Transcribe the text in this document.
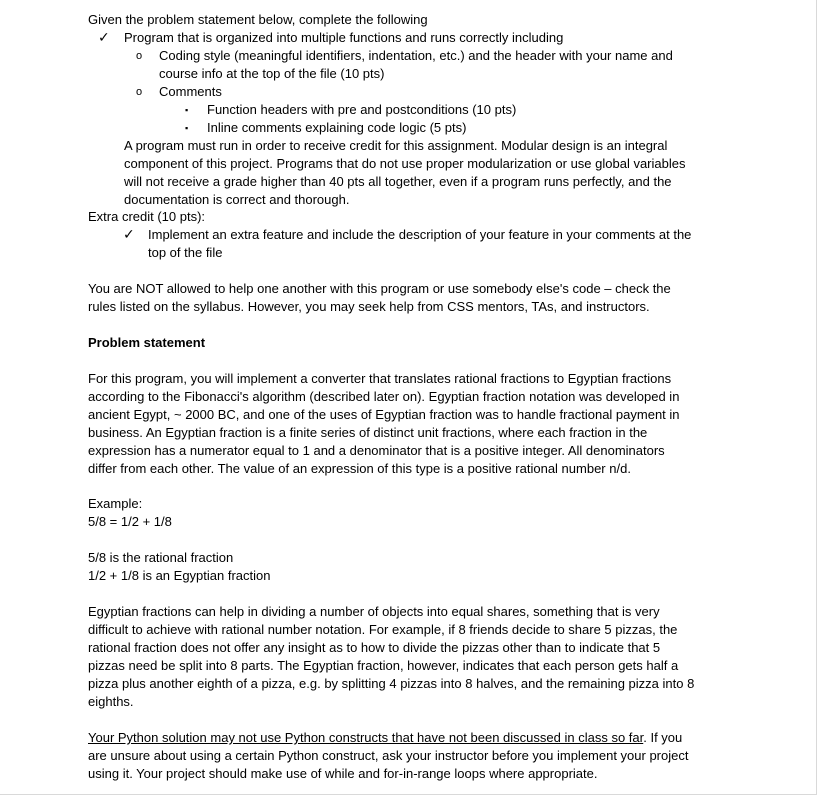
Given the problem statement below, complete the following
✓ Program that is organized into multiple functions and runs correctly including
o Coding style (meaningful identifiers, indentation, etc.) and the header with your name and
course info at the top of the file (10 pts)
o Comments
▪ Function headers with pre and postconditions (10 pts)
▪ Inline comments explaining code logic (5 pts)
A program must run in order to receive credit for this assignment. Modular design is an integral
component of this project. Programs that do not use proper modularization or use global variables
will not receive a grade higher than 40 pts all together, even if a program runs perfectly, and the
documentation is correct and thorough.
Extra credit (10 pts):
✓ Implement an extra feature and include the description of your feature in your comments at the
top of the file
You are NOT allowed to help one another with this program or use somebody else's code – check the
rules listed on the syllabus. However, you may seek help from CSS mentors, TAs, and instructors.
Problem statement
For this program, you will implement a converter that translates rational fractions to Egyptian fractions
according to the Fibonacci's algorithm (described later on). Egyptian fraction notation was developed in
ancient Egypt, ~ 2000 BC, and one of the uses of Egyptian fraction was to handle fractional payment in
business. An Egyptian fraction is a finite series of distinct unit fractions, where each fraction in the
expression has a numerator equal to 1 and a denominator that is a positive integer. All denominators
differ from each other. The value of an expression of this type is a positive rational number n/d.
Example:
5/8 = 1/2 + 1/8
5/8 is the rational fraction
1/2 + 1/8 is an Egyptian fraction
Egyptian fractions can help in dividing a number of objects into equal shares, something that is very
difficult to achieve with rational number notation. For example, if 8 friends decide to share 5 pizzas, the
rational fraction does not offer any insight as to how to divide the pizzas other than to indicate that 5
pizzas need be split into 8 parts. The Egyptian fraction, however, indicates that each person gets half a
pizza plus another eighth of a pizza, e.g. by splitting 4 pizzas into 8 halves, and the remaining pizza into 8
eighths.
Your Python solution may not use Python constructs that have not been discussed in class so far. If you
are unsure about using a certain Python construct, ask your instructor before you implement your project
using it. Your project should make use of while and for-in-range loops where appropriate.
